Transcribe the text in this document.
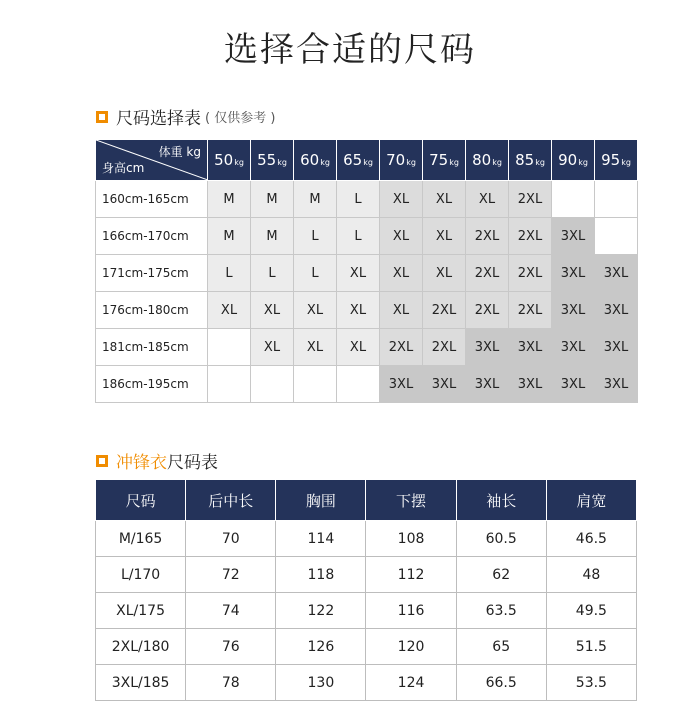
选择合适的尺码
尺码选择表 ( 仅供参考 )
体重 kg
身高cm	50kg	55kg	60kg	65kg	70kg	75kg	80kg	85kg	90kg	95kg
160cm-165cm	M	M	M	L	XL	XL	XL	2XL		
166cm-170cm	M	M	L	L	XL	XL	2XL	2XL	3XL	
171cm-175cm	L	L	L	XL	XL	XL	2XL	2XL	3XL	3XL
176cm-180cm	XL	XL	XL	XL	XL	2XL	2XL	2XL	3XL	3XL
181cm-185cm		XL	XL	XL	2XL	2XL	3XL	3XL	3XL	3XL
186cm-195cm					3XL	3XL	3XL	3XL	3XL	3XL
冲锋衣 尺码表
尺码	后中长	胸围	下摆	袖长	肩宽
M/165	70	114	108	60.5	46.5
L/170	72	118	112	62	48
XL/175	74	122	116	63.5	49.5
2XL/180	76	126	120	65	51.5
3XL/185	78	130	124	66.5	53.5
